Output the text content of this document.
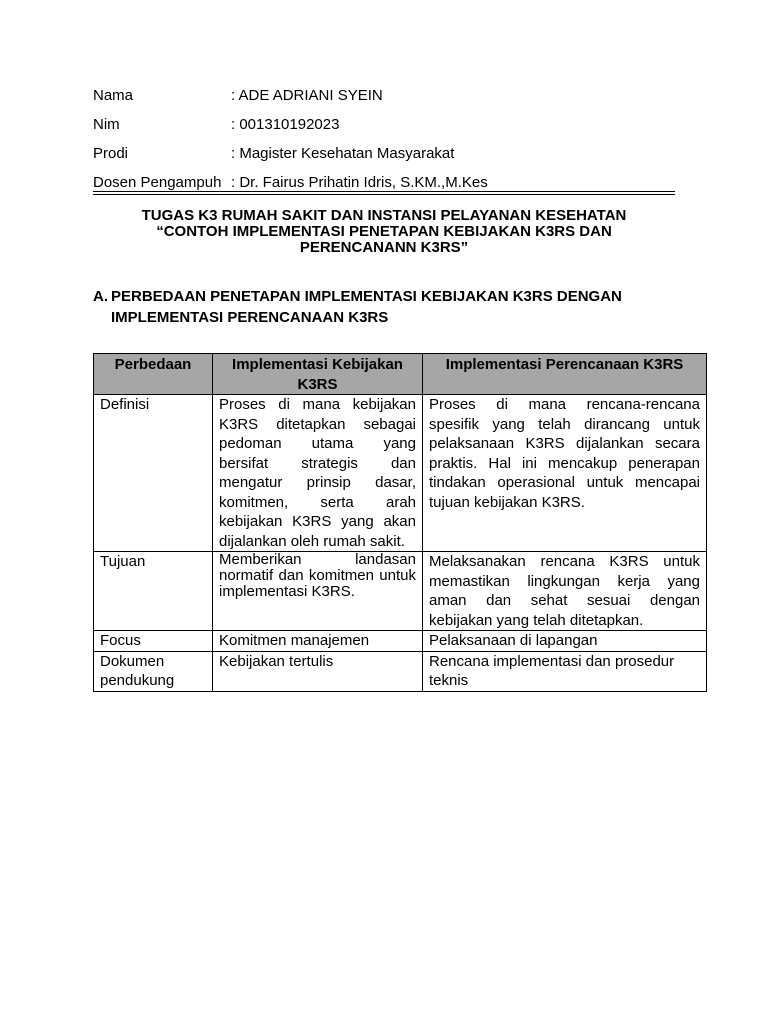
Nama	: ADE ADRIANI SYEIN
Nim	: 001310192023
Prodi	: Magister Kesehatan Masyarakat
Dosen Pengampuh : Dr. Fairus Prihatin Idris, S.KM.,M.Kes
TUGAS K3 RUMAH SAKIT DAN INSTANSI PELAYANAN KESEHATAN
“CONTOH IMPLEMENTASI PENETAPAN KEBIJAKAN K3RS DAN
PERENCANANN K3RS”
A. PERBEDAAN PENETAPAN IMPLEMENTASI KEBIJAKAN K3RS DENGAN IMPLEMENTASI PERENCANAAN K3RS
Perbedaan	Implementasi Kebijakan K3RS	Implementasi Perencanaan K3RS
Definisi	Proses di mana kebijakan K3RS ditetapkan sebagai pedoman utama yang bersifat strategis dan mengatur prinsip dasar, komitmen, serta arah kebijakan K3RS yang akan dijalankan oleh rumah sakit.	Proses di mana rencana-rencana spesifik yang telah dirancang untuk pelaksanaan K3RS dijalankan secara praktis. Hal ini mencakup penerapan tindakan operasional untuk mencapai tujuan kebijakan K3RS.
Tujuan	Memberikan landasan normatif dan komitmen untuk implementasi K3RS.	Melaksanakan rencana K3RS untuk memastikan lingkungan kerja yang aman dan sehat sesuai dengan kebijakan yang telah ditetapkan.
Focus	Komitmen manajemen	Pelaksanaan di lapangan
Dokumen pendukung	Kebijakan tertulis	Rencana implementasi dan prosedur teknis
